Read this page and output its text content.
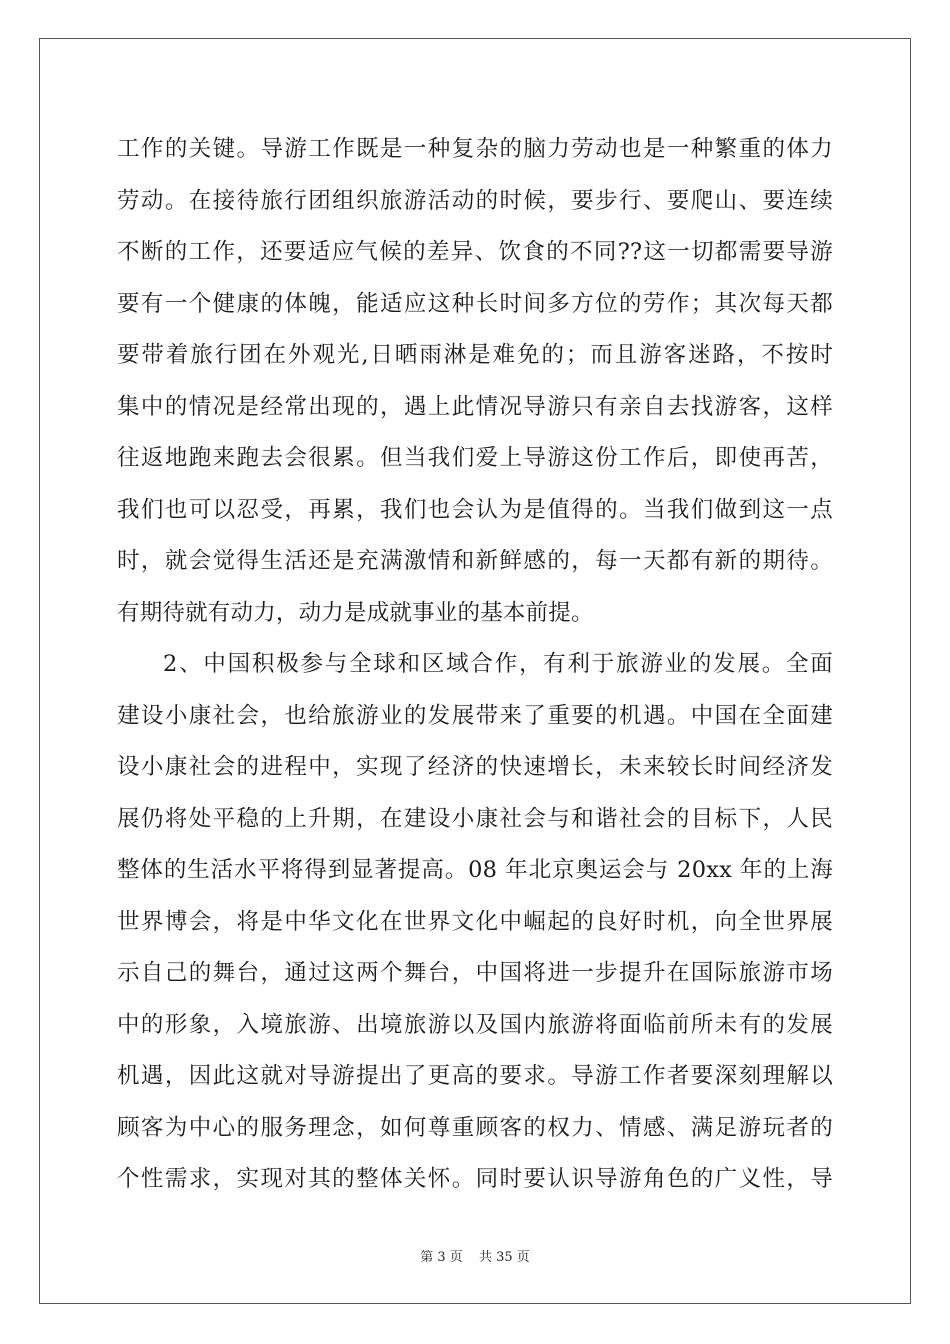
工作的关键。导游工作既是一种复杂的脑力劳动也是一种繁重的体力
劳动。在接待旅行团组织旅游活动的时候，要步行、要爬山、要连续
不断的工作，还要适应气候的差异、饮食的不同??这一切都需要导游
要有一个健康的体魄，能适应这种长时间多方位的劳作；其次每天都
要带着旅行团在外观光,日晒雨淋是难免的；而且游客迷路，不按时
集中的情况是经常出现的，遇上此情况导游只有亲自去找游客，这样
往返地跑来跑去会很累。但当我们爱上导游这份工作后，即使再苦，
我们也可以忍受，再累，我们也会认为是值得的。当我们做到这一点
时，就会觉得生活还是充满激情和新鲜感的，每一天都有新的期待。
有期待就有动力，动力是成就事业的基本前提。
2、中国积极参与全球和区域合作，有利于旅游业的发展。全面
建设小康社会，也给旅游业的发展带来了重要的机遇。中国在全面建
设小康社会的进程中，实现了经济的快速增长，未来较长时间经济发
展仍将处平稳的上升期，在建设小康社会与和谐社会的目标下，人民
整体的生活水平将得到显著提高。08 年北京奥运会与 20xx 年的上海
世界博会，将是中华文化在世界文化中崛起的良好时机，向全世界展
示自己的舞台，通过这两个舞台，中国将进一步提升在国际旅游市场
中的形象，入境旅游、出境旅游以及国内旅游将面临前所未有的发展
机遇，因此这就对导游提出了更高的要求。导游工作者要深刻理解以
顾客为中心的服务理念，如何尊重顾客的权力、情感、满足游玩者的
个性需求，实现对其的整体关怀。同时要认识导游角色的广义性，导
第 3 页 共 35 页
